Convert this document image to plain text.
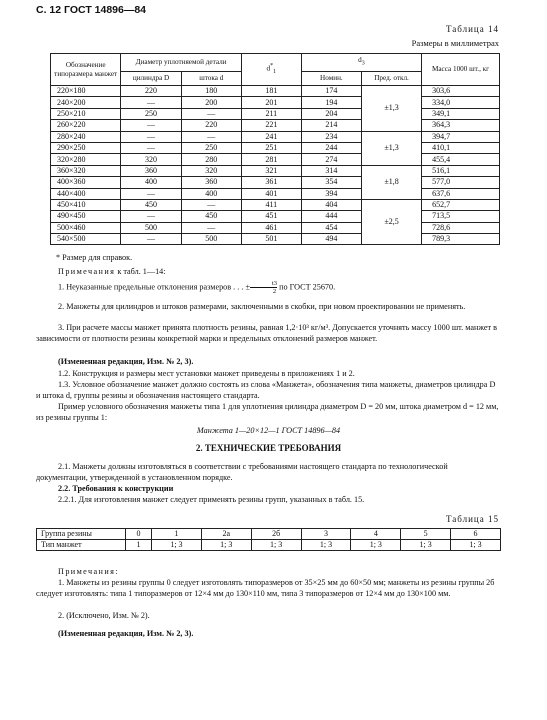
С. 12 ГОСТ 14896—84
Таблица 14
Размеры в миллиметрах
Обозначение типоразмера манжет	Диаметр уплотняемой детали		$d^*_1$	$d_3$		Масса 1000 шт., кг
	цилиндра D	штока d		Номин.	Пред. откл.	
220×180	220	180	181	174	±1,3	303,6
240×200	—	200	201	194		334,0
250×210	250	—	211	204		349,1
260×220	—	220	221	214		364,3
280×240	—	—	241	234	±1,3	394,7
290×250	—	250	251	244		410,1
320×280	320	280	281	274		455,4
360×320	360	320	321	314	±1,8	516,1
400×360	400	360	361	354		577,0
440×400	—	400	401	394		637,6
450×410	450	—	411	404	±2,5	652,7
490×450	—	450	451	444		713,5
500×460	500	—	461	454		728,6
540×500	—	500	501	494		789,3
* Размер для справок.
Примечания к табл. 1—14:
1. Неуказанные предельные отклонения размеров . . . ± $\frac{t3}{2}$ по ГОСТ 25670.
2. Манжеты для цилиндров и штоков размерами, заключенными в скобки, при новом проектировании не применять.
3. При расчете массы манжет принята плотность резины, равная 1,2·10³ кг/м³. Допускается уточнять массу 1000 шт. манжет в зависимости от плотности резины конкретной марки и предельных отклонений размеров манжет.
(Измененная редакция, Изм. № 2, 3).
1.2. Конструкция и размеры мест установки манжет приведены в приложениях 1 и 2.
1.3. Условное обозначение манжет должно состоять из слова «Манжета», обозначения типа манжеты, диаметров цилиндра D и штока d, группы резины и обозначения настоящего стандарта.
Пример условного обозначения манжеты типа 1 для уплотнения цилиндра диаметром D = 20 мм, штока диаметром d = 12 мм, из резины группы 1:
Манжета 1—20×12—1 ГОСТ 14896—84
2. ТЕХНИЧЕСКИЕ ТРЕБОВАНИЯ
2.1. Манжеты должны изготовляться в соответствии с требованиями настоящего стандарта по технологической документации, утвержденной в установленном порядке.
2.2. Требования к конструкции
2.2.1. Для изготовления манжет следует применять резины групп, указанных в табл. 15.
Таблица 15
Группа резины	0	1	2а	2б	3	4	5	6
Тип манжет	1	1; 3	1; 3	1; 3	1; 3	1; 3	1; 3	1; 3
Примечания:
1. Манжеты из резины группы 0 следует изготовлять типоразмеров от 35×25 мм до 60×50 мм; манжеты из резины группы 2б следует изготовлять: типа 1 типоразмеров от 12×4 мм до 130×110 мм, типа 3 типоразмеров от 12×4 мм до 130×100 мм.
2. (Исключено, Изм. № 2).
(Измененная редакция, Изм. № 2, 3).
